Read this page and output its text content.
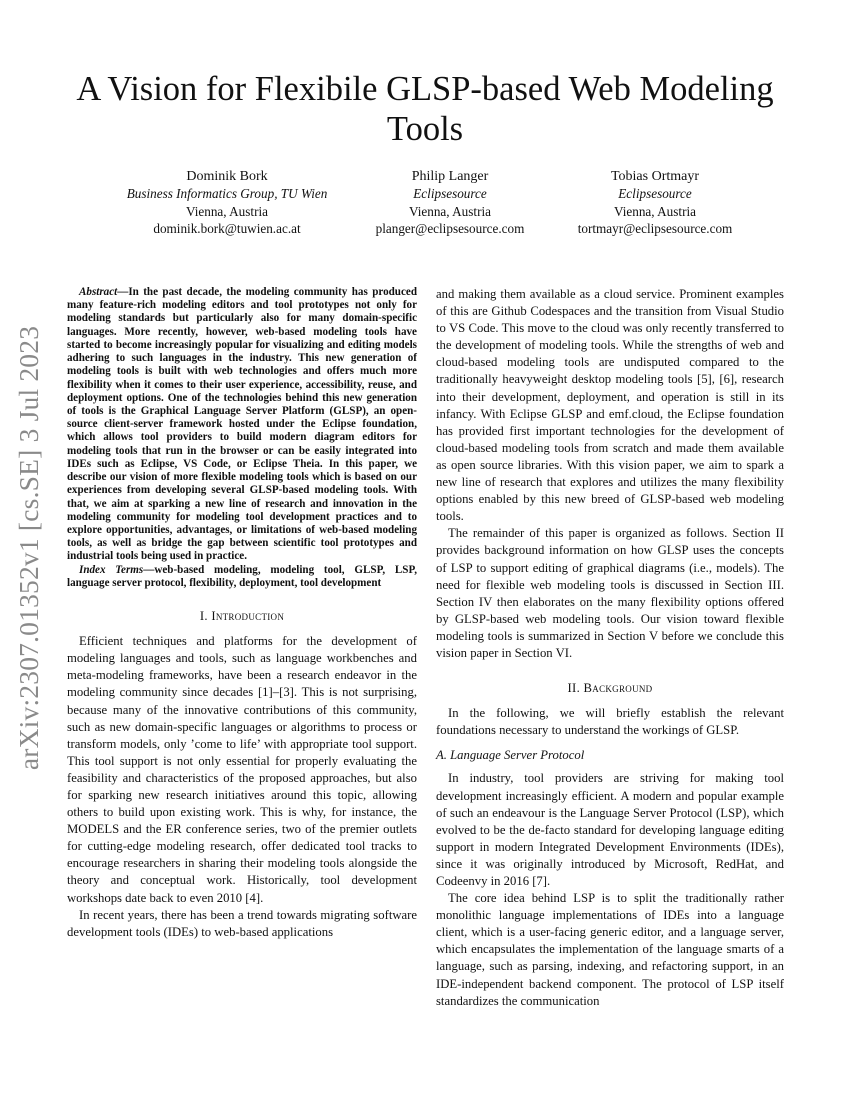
arXiv:2307.01352v1 [cs.SE] 3 Jul 2023
A Vision for Flexibile GLSP-based Web Modeling Tools
Dominik Bork
Business Informatics Group, TU Wien
Vienna, Austria
dominik.bork@tuwien.ac.at
Philip Langer
Eclipsesource
Vienna, Austria
planger@eclipsesource.com
Tobias Ortmayr
Eclipsesource
Vienna, Austria
tortmayr@eclipsesource.com

Abstract—In the past decade, the modeling community has produced many feature-rich modeling editors and tool prototypes not only for modeling standards but particularly also for many domain-specific languages. More recently, however, web-based modeling tools have started to become increasingly popular for visualizing and editing models adhering to such languages in the industry. This new generation of modeling tools is built with web technologies and offers much more flexibility when it comes to their user experience, accessibility, reuse, and deployment options. One of the technologies behind this new generation of tools is the Graphical Language Server Platform (GLSP), an open-source client-server framework hosted under the Eclipse foundation, which allows tool providers to build modern diagram editors for modeling tools that run in the browser or can be easily integrated into IDEs such as Eclipse, VS Code, or Eclipse Theia. In this paper, we describe our vision of more flexible modeling tools which is based on our experiences from developing several GLSP-based modeling tools. With that, we aim at sparking a new line of research and innovation in the modeling community for modeling tool development practices and to explore opportunities, advantages, or limitations of web-based modeling tools, as well as bridge the gap between scientific tool prototypes and industrial tools being used in practice.

Index Terms—web-based modeling, modeling tool, GLSP, LSP, language server protocol, flexibility, deployment, tool development

I. Introduction

Efficient techniques and platforms for the development of modeling languages and tools, such as language workbenches and meta-modeling frameworks, have been a research endeavor in the modeling community since decades [1]–[3]. This is not surprising, because many of the innovative contributions of this community, such as new domain-specific languages or algorithms to process or transform models, only ’come to life’ with appropriate tool support. This tool support is not only essential for properly evaluating the feasibility and characteristics of the proposed approaches, but also for sparking new research initiatives around this topic, allowing others to build upon existing work. This is why, for instance, the MODELS and the ER conference series, two of the premier outlets for cutting-edge modeling research, offer dedicated tool tracks to encourage researchers in sharing their modeling tools alongside the theory and conceptual work. Historically, tool development workshops date back to even 2010 [4].

In recent years, there has been a trend towards migrating software development tools (IDEs) to web-based applications

and making them available as a cloud service. Prominent examples of this are Github Codespaces and the transition from Visual Studio to VS Code. This move to the cloud was only recently transferred to the development of modeling tools. While the strengths of web and cloud-based modeling tools are undisputed compared to the traditionally heavyweight desktop modeling tools [5], [6], research into their development, deployment, and operation is still in its infancy. With Eclipse GLSP and emf.cloud, the Eclipse foundation has provided first important technologies for the development of cloud-based modeling tools from scratch and made them available as open source libraries. With this vision paper, we aim to spark a new line of research that explores and utilizes the many flexibility options enabled by this new breed of GLSP-based web modeling tools.

The remainder of this paper is organized as follows. Section II provides background information on how GLSP uses the concepts of LSP to support editing of graphical diagrams (i.e., models). The need for flexible web modeling tools is discussed in Section III. Section IV then elaborates on the many flexibility options offered by GLSP-based web modeling tools. Our vision toward flexible modeling tools is summarized in Section V before we conclude this vision paper in Section VI.

II. Background

In the following, we will briefly establish the relevant foundations necessary to understand the workings of GLSP.

A. Language Server Protocol

In industry, tool providers are striving for making tool development increasingly efficient. A modern and popular example of such an endeavour is the Language Server Protocol (LSP), which evolved to be the de-facto standard for developing language editing support in modern Integrated Development Environments (IDEs), since it was originally introduced by Microsoft, RedHat, and Codeenvy in 2016 [7].

The core idea behind LSP is to split the traditionally rather monolithic language implementations of IDEs into a language client, which is a user-facing generic editor, and a language server, which encapsulates the implementation of the language smarts of a language, such as parsing, indexing, and refactoring support, in an IDE-independent backend component. The protocol of LSP itself standardizes the communication
